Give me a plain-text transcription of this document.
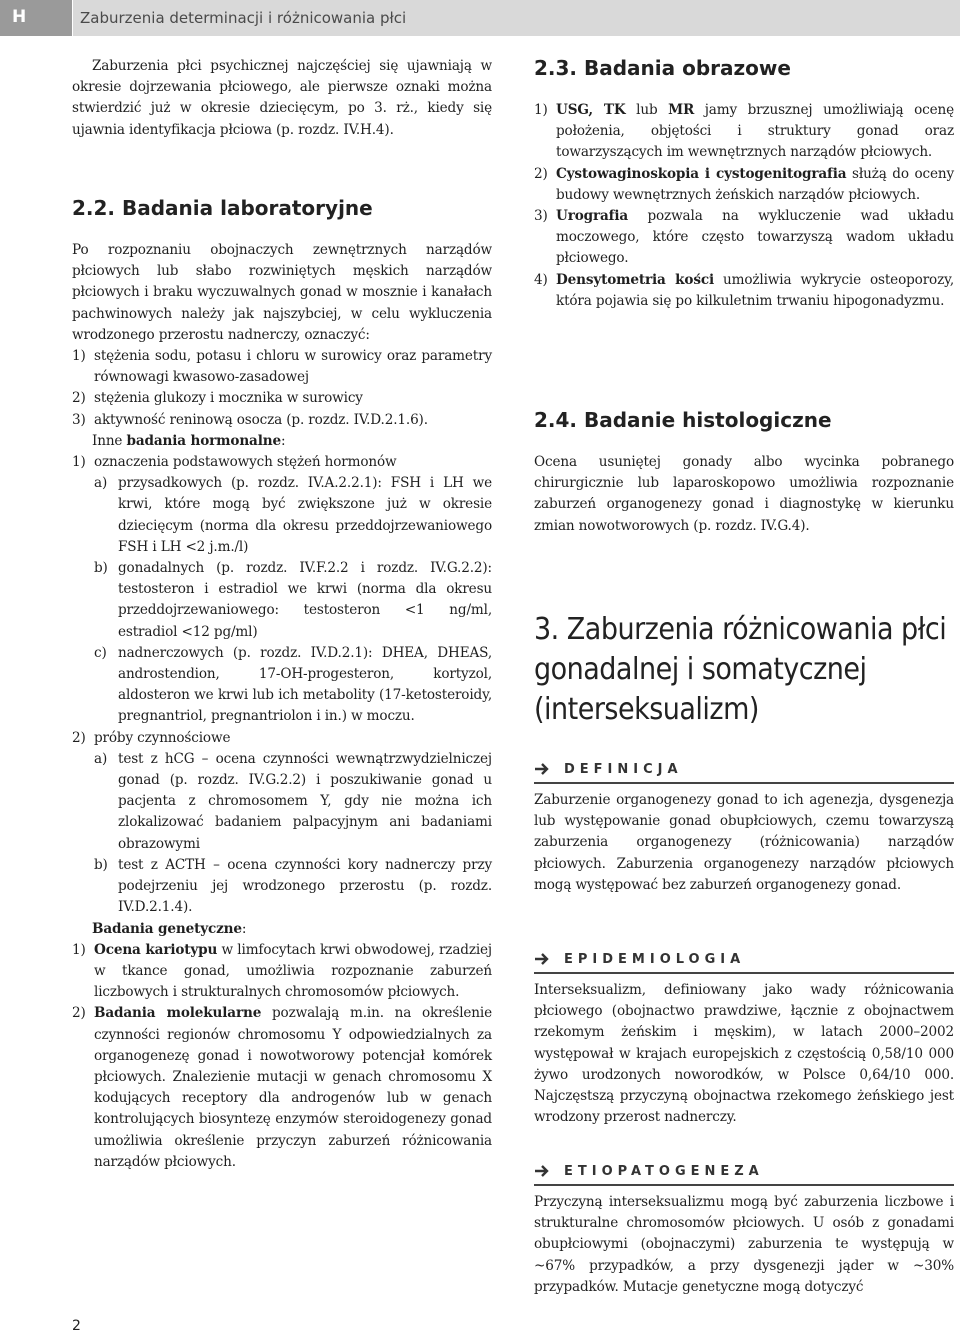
H	Zaburzenia determinacji i różnicowania płci

Zaburzenia płci psychicznej najczęściej się ujawniają w okresie dojrzewania płciowego, ale pierwsze oznaki można stwierdzić już w okresie dziecięcym, po 3. rż., kiedy się ujawnia identyfikacja płciowa (p. rozdz. IV.H.4).

2.2. Badania laboratoryjne

Po rozpoznaniu obojnaczych zewnętrznych narządów płciowych lub słabo rozwiniętych męskich narządów płciowych i braku wyczuwalnych gonad w mosznie i kanałach pachwinowych należy jak najszybciej, w celu wykluczenia wrodzonego przerostu nadnerczy, oznaczyć:

1) stężenia sodu, potasu i chloru w surowicy oraz parametry równowagi kwasowo-zasadowej
2) stężenia glukozy i mocznika w surowicy
3) aktywność reninową osocza (p. rozdz. IV.D.2.1.6).

Inne badania hormonalne:

1) oznaczenia podstawowych stężeń hormonów
a) przysadkowych (p. rozdz. IV.A.2.2.1): FSH i LH we krwi, które mogą być zwiększone już w okresie dziecięcym (norma dla okresu przeddojrzewaniowego FSH i LH <2 j.m./l)
b) gonadalnych (p. rozdz. IV.F.2.2 i rozdz. IV.G.2.2): testosteron i estradiol we krwi (norma dla okresu przeddojrzewaniowego: testosteron <1 ng/ml, estradiol <12 pg/ml)
c) nadnerczowych (p. rozdz. IV.D.2.1): DHEA, DHEAS, androstendion, 17-OH-progesteron, kortyzol, aldosteron we krwi lub ich metabolity (17-ketosteroidy, pregnantriol, pregnantriolon i in.) w moczu.
2) próby czynnościowe
a) test z hCG – ocena czynności wewnątrzwydzielniczej gonad (p. rozdz. IV.G.2.2) i poszukiwanie gonad u pacjenta z chromosomem Y, gdy nie można ich zlokalizować badaniem palpacyjnym ani badaniami obrazowymi
b) test z ACTH – ocena czynności kory nadnerczy przy podejrzeniu jej wrodzonego przerostu (p. rozdz. IV.D.2.1.4).

Badania genetyczne:

1) Ocena kariotypu w limfocytach krwi obwodowej, rzadziej w tkance gonad, umożliwia rozpoznanie zaburzeń liczbowych i strukturalnych chromosomów płciowych.
2) Badania molekularne pozwalają m.in. na określenie czynności regionów chromosomu Y odpowiedzialnych za organogenezę gonad i nowotworowy potencjał komórek płciowych. Znalezienie mutacji w genach chromosomu X kodujących receptory dla androgenów lub w genach kontrolujących biosyntezę enzymów steroidogenezy gonad umożliwia określenie przyczyn zaburzeń różnicowania narządów płciowych.
2.3. Badania obrazowe
1) USG, TK lub MR jamy brzusznej umożliwiają ocenę położenia, objętości i struktury gonad oraz towarzyszących im wewnętrznych narządów płciowych.
2) Cystowaginoskopia i cystogenitografia służą do oceny budowy wewnętrznych żeńskich narządów płciowych.
3) Urografia pozwala na wykluczenie wad układu moczowego, które często towarzyszą wadom układu płciowego.
4) Densytometria kości umożliwia wykrycie osteoporozy, która pojawia się po kilkuletnim trwaniu hipogonadyzmu.
2.4. Badanie histologiczne

Ocena usuniętej gonady albo wycinka pobranego chirurgicznie lub laparoskopowo umożliwia rozpoznanie zaburzeń organogenezy gonad i diagnostykę w kierunku zmian nowotworowych (p. rozdz. IV.G.4).

3. Zaburzenia różnicowania płci
gonadalnej i somatycznej
(interseksualizm)
DEFINICJA

Zaburzenie organogenezy gonad to ich agenezja, dysgenezja lub występowanie gonad obupłciowych, czemu towarzyszą zaburzenia organogenezy (różnicowania) narządów płciowych. Zaburzenia organogenezy narządów płciowych mogą występować bez zaburzeń organogenezy gonad.

EPIDEMIOLOGIA

Interseksualizm, definiowany jako wady różnicowania płciowego (obojnactwo prawdziwe, łącznie z obojnactwem rzekomym żeńskim i męskim), w latach 2000–2002 występował w krajach europejskich z częstością 0,58/10 000 żywo urodzonych noworodków, w Polsce 0,64/10 000. Najczęstszą przyczyną obojnactwa rzekomego żeńskiego jest wrodzony przerost nadnerczy.

ETIOPATOGENEZA

Przyczyną interseksualizmu mogą być zaburzenia liczbowe i strukturalne chromosomów płciowych. U osób z gonadami obupłciowymi (obojnaczymi) zaburzenia te występują w ~67% przypadków, a przy dysgenezji jąder w ~30% przypadków. Mutacje genetyczne mogą dotyczyć

2
